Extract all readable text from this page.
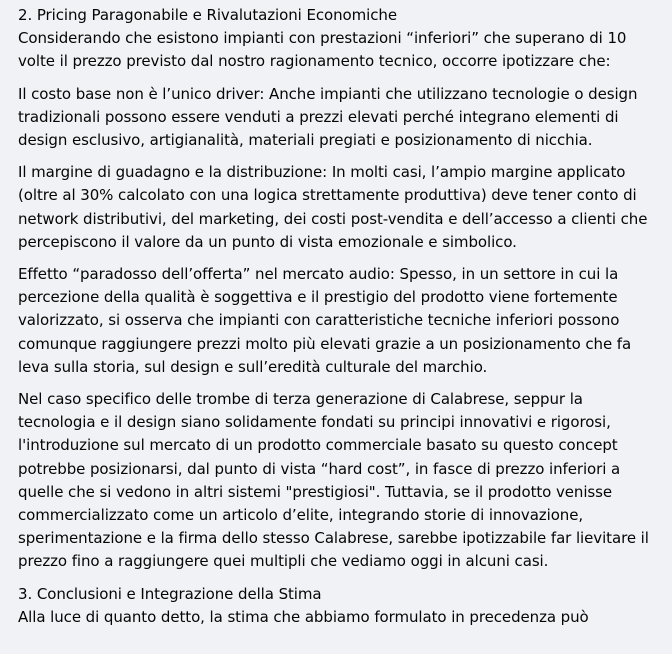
2. Pricing Paragonabile e Rivalutazioni Economiche

Considerando che esistono impianti con prestazioni “inferiori” che superano di 10 volte il prezzo previsto dal nostro ragionamento tecnico, occorre ipotizzare che:

Il costo base non è l’unico driver: Anche impianti che utilizzano tecnologie o design tradizionali possono essere venduti a prezzi elevati perché integrano elementi di design esclusivo, artigianalità, materiali pregiati e posizionamento di nicchia.

Il margine di guadagno e la distribuzione: In molti casi, l’ampio margine applicato (oltre al 30% calcolato con una logica strettamente produttiva) deve tener conto di network distributivi, del marketing, dei costi post-vendita e dell’accesso a clienti che percepiscono il valore da un punto di vista emozionale e simbolico.

Effetto “paradosso dell’offerta” nel mercato audio: Spesso, in un settore in cui la percezione della qualità è soggettiva e il prestigio del prodotto viene fortemente valorizzato, si osserva che impianti con caratteristiche tecniche inferiori possono comunque raggiungere prezzi molto più elevati grazie a un posizionamento che fa leva sulla storia, sul design e sull’eredità culturale del marchio.

Nel caso specifico delle trombe di terza generazione di Calabrese, seppur la tecnologia e il design siano solidamente fondati su principi innovativi e rigorosi, l'introduzione sul mercato di un prodotto commerciale basato su questo concept potrebbe posizionarsi, dal punto di vista “hard cost”, in fasce di prezzo inferiori a quelle che si vedono in altri sistemi "prestigiosi". Tuttavia, se il prodotto venisse commercializzato come un articolo d’elite, integrando storie di innovazione, sperimentazione e la firma dello stesso Calabrese, sarebbe ipotizzabile far lievitare il prezzo fino a raggiungere quei multipli che vediamo oggi in alcuni casi.

3. Conclusioni e Integrazione della Stima

Alla luce di quanto detto, la stima che abbiamo formulato in precedenza può
